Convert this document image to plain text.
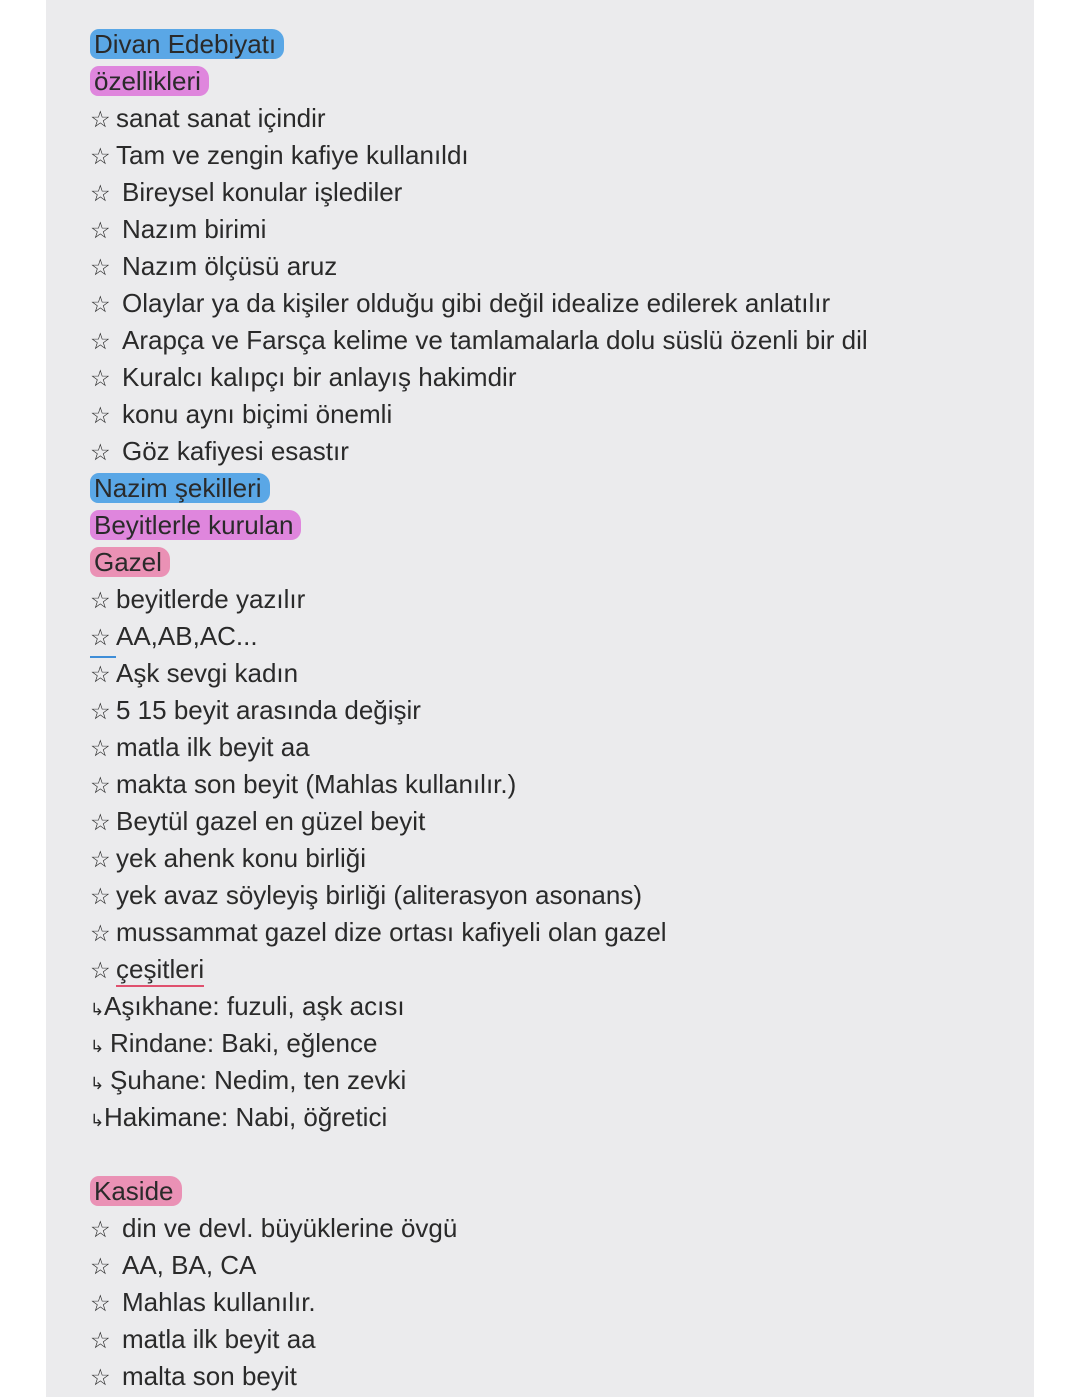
Divan Edebiyatı
özellikleri
☆ sanat sanat içindir
☆ Tam ve zengin kafiye kullanıldı
☆ Bireysel konular işlediler
☆ Nazım birimi
☆ Nazım ölçüsü aruz
☆ Olaylar ya da kişiler olduğu gibi değil idealize edilerek anlatılır
☆ Arapça ve Farsça kelime ve tamlamalarla dolu süslü özenli bir dil
☆ Kuralcı kalıpçı bir anlayış hakimdir
☆ konu aynı biçimi önemli
☆ Göz kafiyesi esastır
Nazim şekilleri
Beyitlerle kurulan
Gazel
☆ beyitlerde yazılır
☆ AA,AB,AC...
☆ Aşk sevgi kadın
☆ 5 15 beyit arasında değişir
☆ matla ilk beyit aa
☆ makta son beyit (Mahlas kullanılır.)
☆ Beytül gazel en güzel beyit
☆ yek ahenk konu birliği
☆ yek avaz söyleyiş birliği (aliterasyon asonans)
☆ mussammat gazel dize ortası kafiyeli olan gazel
☆ çeşitleri
↳Aşıkhane: fuzuli, aşk acısı
↳ Rindane: Baki, eğlence
↳ Şuhane: Nedim, ten zevki
↳Hakimane: Nabi, öğretici
Kaside
☆ din ve devl. büyüklerine övgü
☆ AA, BA, CA
☆ Mahlas kullanılır.
☆ matla ilk beyit aa
☆ malta son beyit
